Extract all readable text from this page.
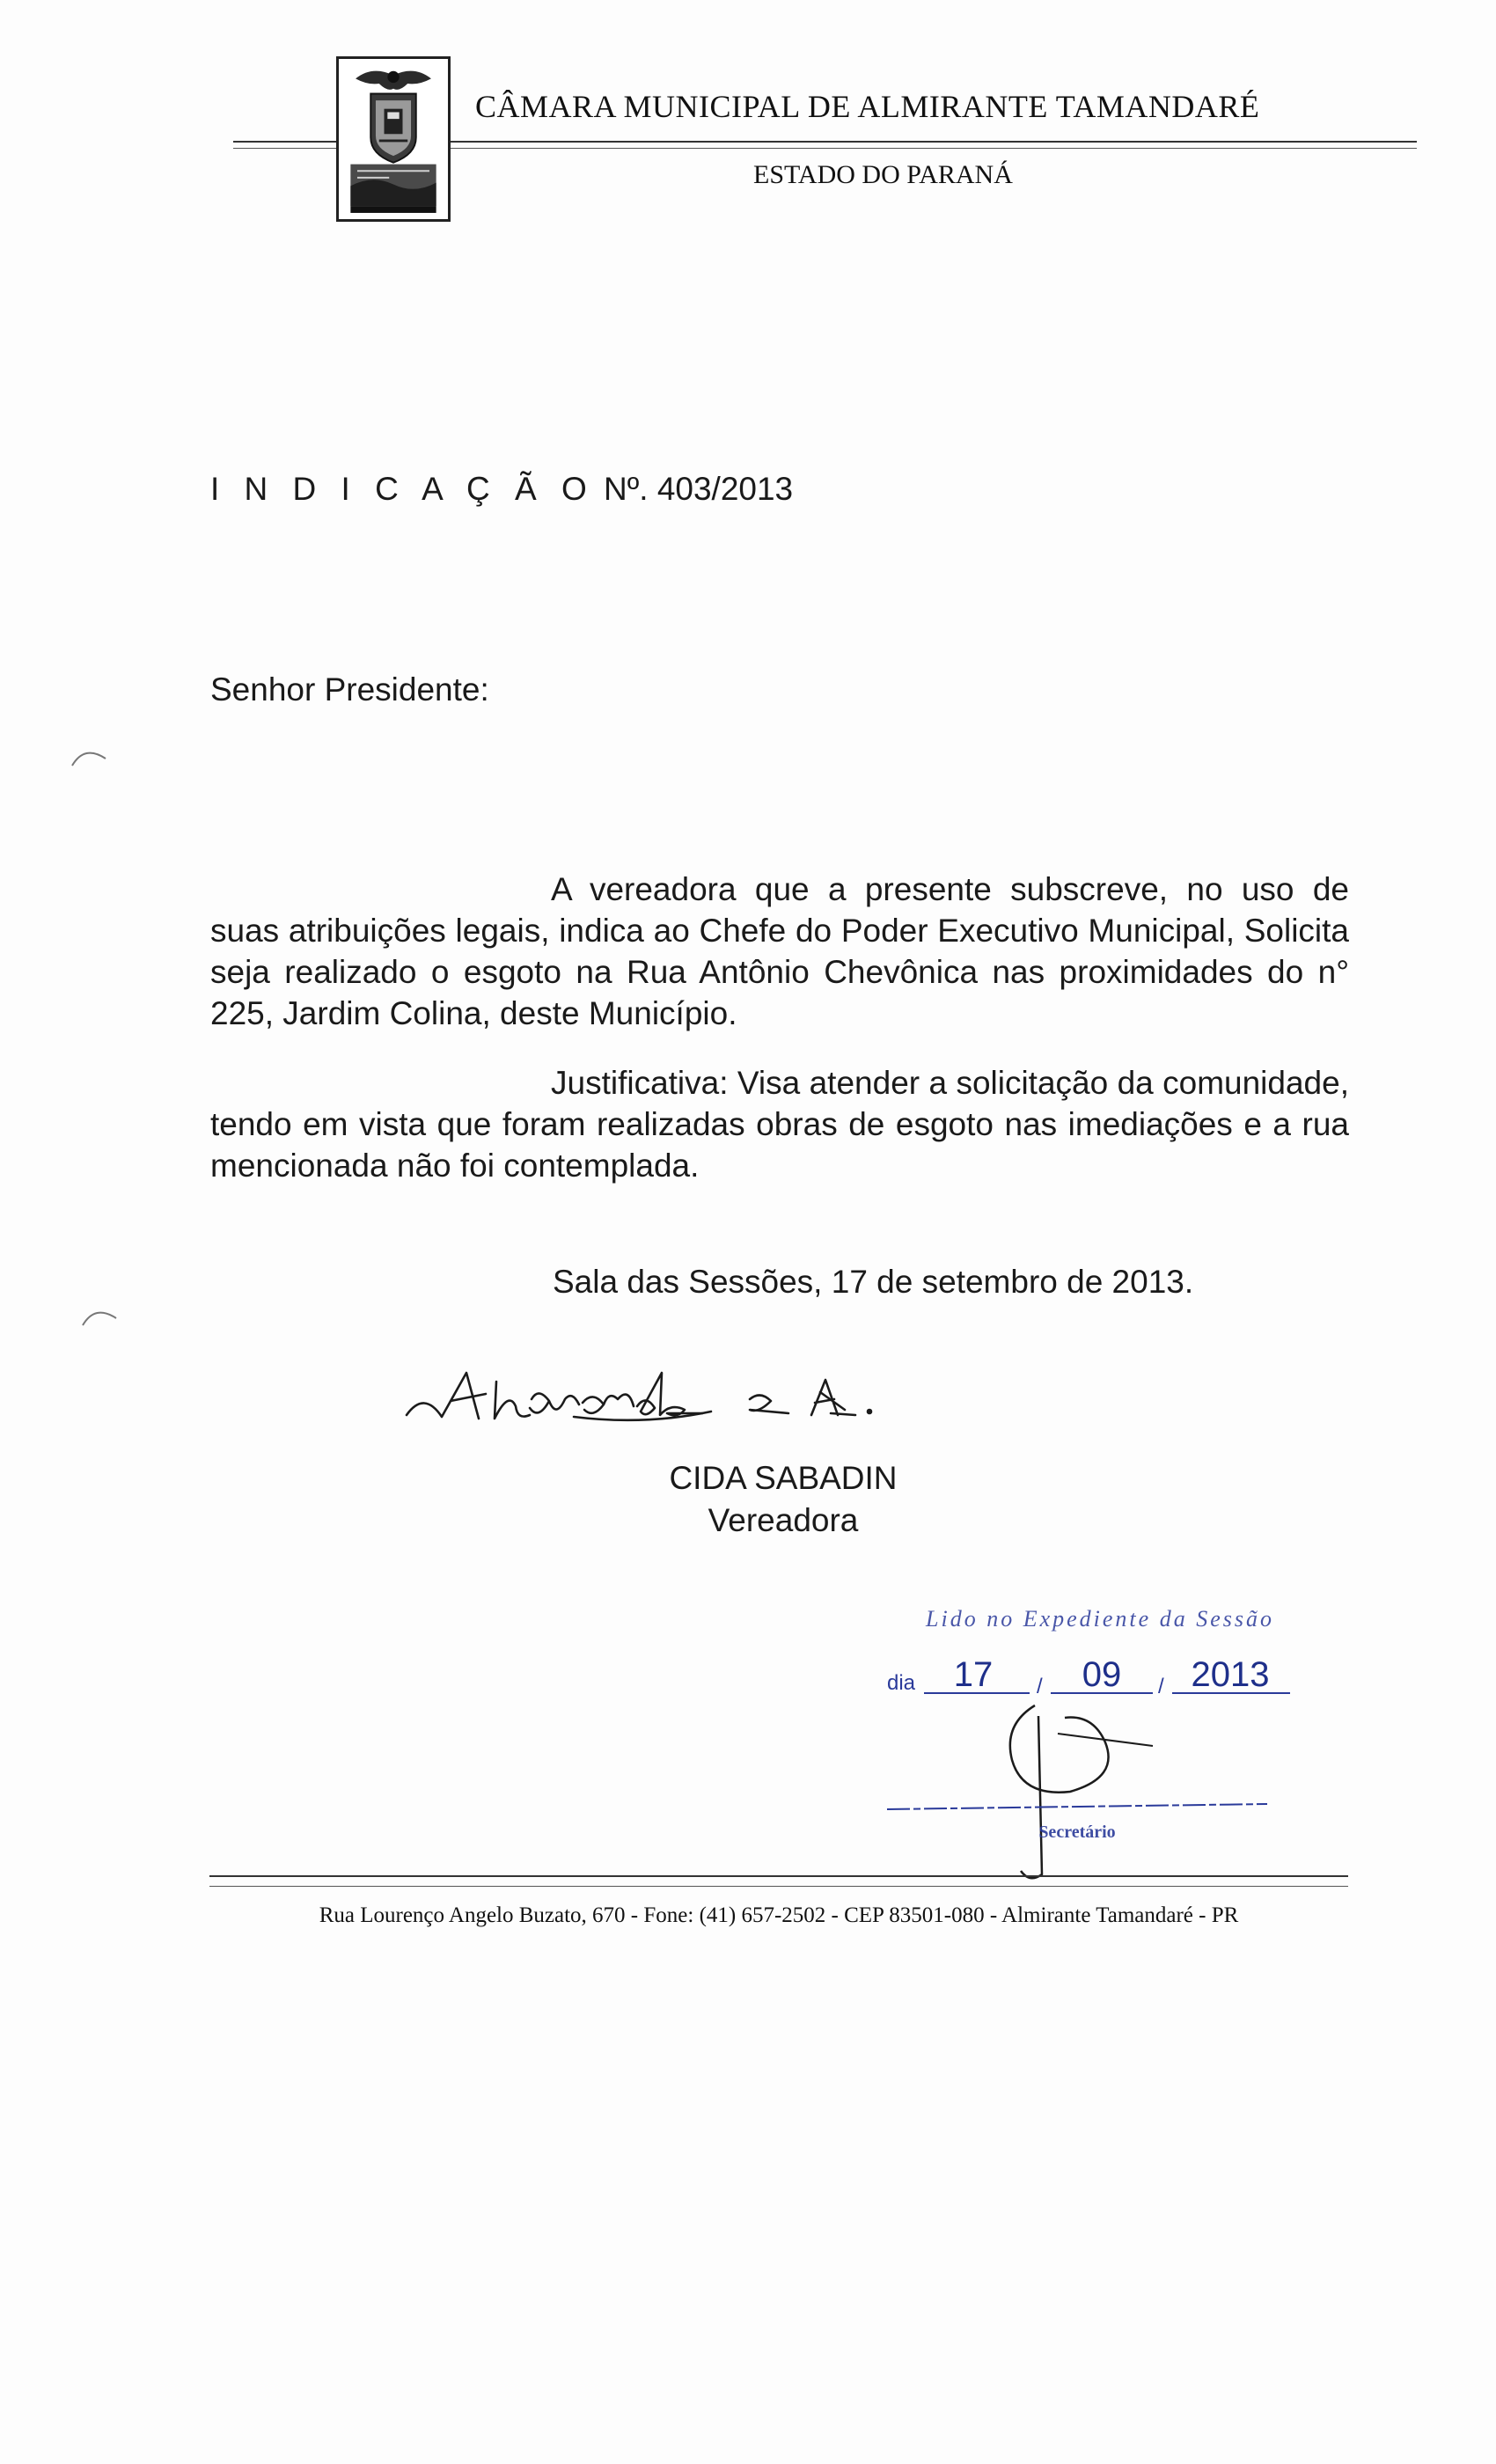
CÂMARA MUNICIPAL DE ALMIRANTE TAMANDARÉ
ESTADO DO PARANÁ
I N D I C A Ç Ã O Nº. 403/2013
Senhor Presidente:
A vereadora que a presente subscreve, no uso de suas atribuições legais, indica ao Chefe do Poder Executivo Municipal, Solicita seja realizado o esgoto na Rua Antônio Chevônica nas proximidades do n° 225, Jardim Colina, deste Município.
Justificativa: Visa atender a solicitação da comunidade, tendo em vista que foram realizadas obras de esgoto nas imediações e a rua mencionada não foi contemplada.
Sala das Sessões, 17 de setembro de 2013.
CIDA SABADIN
Vereadora
Lido no Expediente da Sessão
dia 17 / 09 / 2013
Secretário
Rua Lourenço Angelo Buzato, 670 - Fone: (41) 657-2502 - CEP 83501-080 - Almirante Tamandaré - PR
